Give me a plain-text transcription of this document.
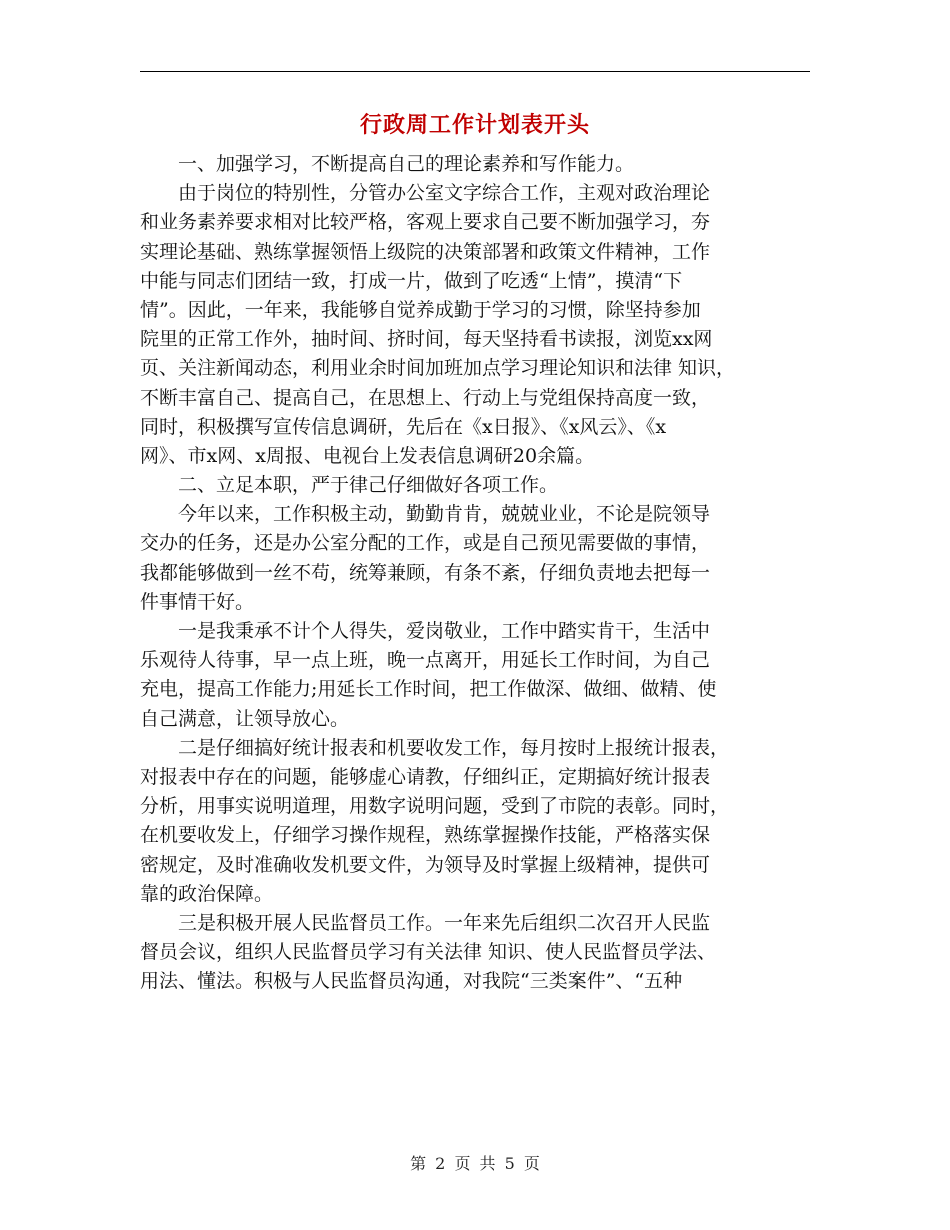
行政周工作计划表开头
　　一、加强学习，不断提高自己的理论素养和写作能力。
　　由于岗位的特别性，分管办公室文字综合工作，主观对政治理论
和业务素养要求相对比较严格，客观上要求自己要不断加强学习，夯
实理论基础、熟练掌握领悟上级院的决策部署和政策文件精神，工作
中能与同志们团结一致，打成一片，做到了吃透“上情”，摸清“下
情”。因此，一年来，我能够自觉养成勤于学习的习惯，除坚持参加
院里的正常工作外，抽时间、挤时间，每天坚持看书读报，浏览xx网
页、关注新闻动态，利用业余时间加班加点学习理论知识和法律 知识，
不断丰富自己、提高自己，在思想上、行动上与党组保持高度一致，
同时，积极撰写宣传信息调研，先后在《x日报》、《x风云》、《x
网》、市x网、x周报、电视台上发表信息调研20余篇。
　　二、立足本职，严于律己仔细做好各项工作。
　　今年以来，工作积极主动，勤勤肯肯，兢兢业业，不论是院领导
交办的任务，还是办公室分配的工作，或是自己预见需要做的事情，
我都能够做到一丝不苟，统筹兼顾，有条不紊，仔细负责地去把每一
件事情干好。
　　一是我秉承不计个人得失，爱岗敬业，工作中踏实肯干，生活中
乐观待人待事，早一点上班，晚一点离开，用延长工作时间，为自己
充电，提高工作能力;用延长工作时间，把工作做深、做细、做精、使
自己满意，让领导放心。
　　二是仔细搞好统计报表和机要收发工作，每月按时上报统计报表，
对报表中存在的问题，能够虚心请教，仔细纠正，定期搞好统计报表
分析，用事实说明道理，用数字说明问题，受到了市院的表彰。同时，
在机要收发上，仔细学习操作规程，熟练掌握操作技能，严格落实保
密规定，及时准确收发机要文件，为领导及时掌握上级精神，提供可
靠的政治保障。
　　三是积极开展人民监督员工作。一年来先后组织二次召开人民监
督员会议，组织人民监督员学习有关法律 知识、使人民监督员学法、
用法、懂法。积极与人民监督员沟通，对我院“三类案件”、“五种
第 2 页 共 5 页
